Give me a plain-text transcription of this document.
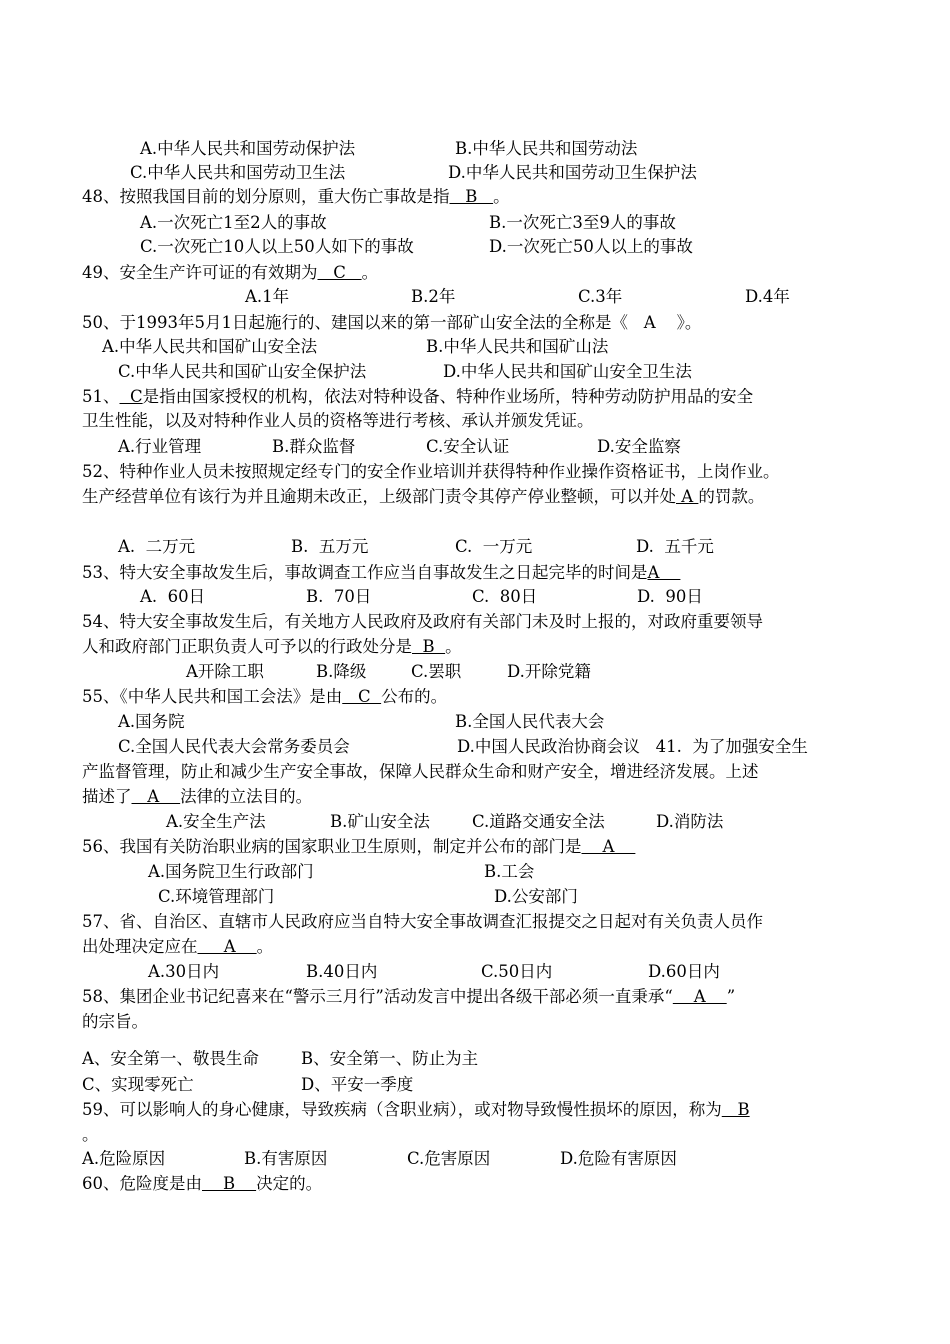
A.中华人民共和国劳动保护法	B.中华人民共和国劳动法
C.中华人民共和国劳动卫生法	D.中华人民共和国劳动卫生保护法
48、按照我国目前的划分原则，重大伤亡事故是指   B   。
A.一次死亡1至2人的事故	B.一次死亡3至9人的事故
C.一次死亡10人以上50人如下的事故	D.一次死亡50人以上的事故
49、安全生产许可证的有效期为   C   。
A.1年	B.2年	C.3年	D.4年
50、于1993年5月1日起施行的、建国以来的第一部矿山安全法的全称是《   A    》。
A.中华人民共和国矿山安全法	B.中华人民共和国矿山法
C.中华人民共和国矿山安全保护法	D.中华人民共和国矿山安全卫生法
51、  C是指由国家授权的机构，依法对特种设备、特种作业场所，特种劳动防护用品的安全
卫生性能，以及对特种作业人员的资格等进行考核、承认并颁发凭证。
A.行业管理	B.群众监督	C.安全认证	D.安全监察
52、特种作业人员未按照规定经专门的安全作业培训并获得特种作业操作资格证书，上岗作业。
生产经营单位有该行为并且逾期未改正，上级部门责令其停产停业整顿，可以并处 A 的罚款。
A.  二万元	B.  五万元	C.  一万元	D.  五千元
53、特大安全事故发生后，事故调查工作应当自事故发生之日起完毕的时间是A
A.  60日	B.  70日	C.  80日	D.  90日
54、特大安全事故发生后，有关地方人民政府及政府有关部门未及时上报的，对政府重要领导
人和政府部门正职负责人可予以的行政处分是  B  。
A开除工职	B.降级	C.罢职	D.开除党籍
55、《中华人民共和国工会法》是由   C  公布的。
A.国务院	B.全国人民代表大会
C.全国人民代表大会常务委员会	D.中国人民政治协商会议   41.  为了加强安全生
产监督管理，防止和减少生产安全事故，保障人民群众生命和财产安全，增进经济发展。上述
描述了   A    法律的立法目的。
A.安全生产法	B.矿山安全法	C.道路交通安全法	D.消防法
56、我国有关防治职业病的国家职业卫生原则，制定并公布的部门是    A
A.国务院卫生行政部门	B.工会
C.环境管理部门	D.公安部门
57、省、自治区、直辖市人民政府应当自特大安全事故调查汇报提交之日起对有关负责人员作
出处理决定应在     A    。
A.30日内	B.40日内	C.50日内	D.60日内
58、集团企业书记纪喜来在“警示三月行”活动发言中提出各级干部必须一直秉承“    A    ”
的宗旨。
A、安全第一、敬畏生命	B、安全第一、防止为主
C、实现零死亡	D、平安一季度
59、可以影响人的身心健康，导致疾病（含职业病），或对物导致慢性损坏的原因，称为   B
。
A.危险原因	B.有害原因	C.危害原因	D.危险有害原因
60、危险度是由    B    决定的。
